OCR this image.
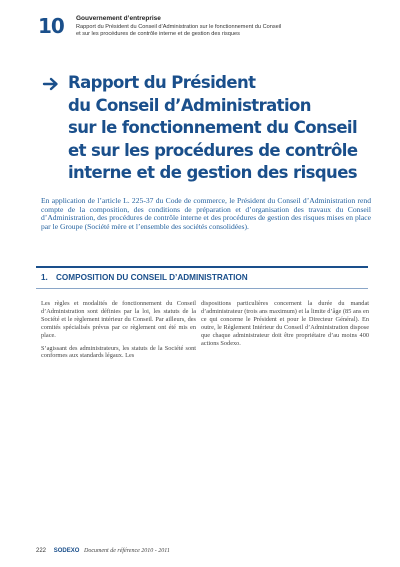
10 Gouvernement d’entreprise
Rapport du Président du Conseil d’Administration sur le fonctionnement du Conseil
et sur les procédures de contrôle interne et de gestion des risques
Rapport du Président
du Conseil d’Administration
sur le fonctionnement du Conseil
et sur les procédures de contrôle
interne et de gestion des risques
En application de l’article L. 225-37 du Code de commerce, le Président du Conseil d’Administration rend compte de la composition, des conditions de préparation et d’organisation des travaux du Conseil d’Administration, des procédures de contrôle interne et des procédures de gestion des risques mises en place par le Groupe (Société mère et l’ensemble des sociétés consolidées).
1. COMPOSITION DU CONSEIL D’ADMINISTRATION

Les règles et modalités de fonctionnement du Conseil d’Administration sont définies par la loi, les statuts de la Société et le règlement intérieur du Conseil. Par ailleurs, des comités spécialisés prévus par ce règlement ont été mis en place.

S’agissant des administrateurs, les statuts de la Société sont conformes aux standards légaux. Les

dispositions particulières concernent la durée du mandat d’administrateur (trois ans maximum) et la limite d’âge (85 ans en ce qui concerne le Président et pour le Directeur Général). En outre, le Règlement Intérieur du Conseil d’Administration dispose que chaque administrateur doit être propriétaire d’au moins 400 actions Sodexo.

222 SODEXO Document de référence 2010 - 2011
